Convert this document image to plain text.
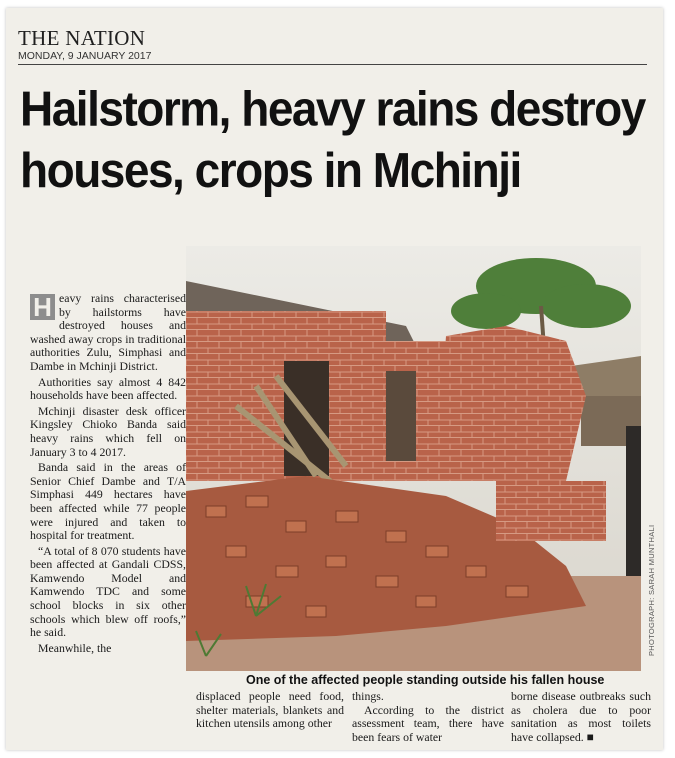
THE NATION
MONDAY, 9 JANUARY 2017
Hailstorm, heavy rains destroy
houses, crops in Mchinji

H eavy rains characterised by hailstorms have destroyed houses and washed away crops in traditional authorities Zulu, Simphasi and Dambe in Mchinji District.

Authorities say almost 4 842 households have been affected.

Mchinji disaster desk officer Kingsley Chioko Banda said heavy rains which fell on January 3 to 4 2017.

Banda said in the areas of Senior Chief Dambe and T/A Simphasi 449 hectares have been affected while 77 people were injured and taken to hospital for treatment.

“A total of 8 070 students have been affected at Gandali CDSS, Kamwendo Model and Kamwendo TDC and some school blocks in six other schools which blew off roofs,” he said.

Meanwhile, the	PHOTOGRAPH: SARAH MUNTHALI
One of the affected people standing outside his fallen house

displaced people need food, shelter materials, blankets and kitchen utensils among other

things.

According to the district assessment team, there have been fears of water

borne disease outbreaks such as cholera due to poor sanitation as most toilets have collapsed. ■
